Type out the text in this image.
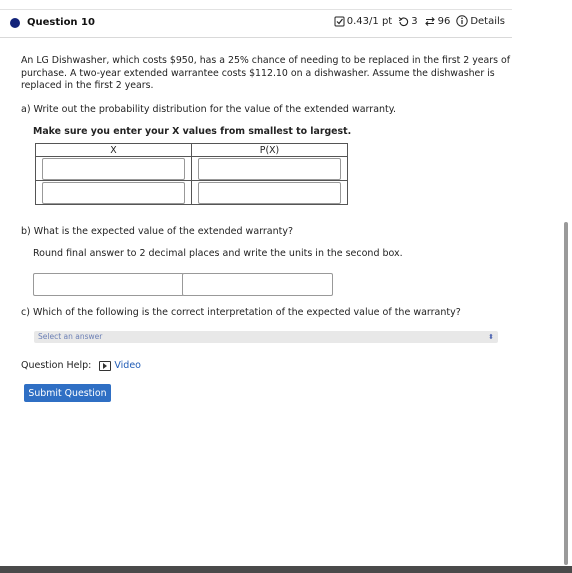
Question 10	0.43/1 pt 3 96 Details
An LG Dishwasher, which costs $950, has a 25% chance of needing to be replaced in the first 2 years of purchase. A two-year extended warrantee costs $112.10 on a dishwasher. Assume the dishwasher is replaced in the first 2 years.
a) Write out the probability distribution for the value of the extended warranty.
Make sure you enter your X values from smallest to largest.
X	P(X)

b) What is the expected value of the extended warranty?
Round final answer to 2 decimal places and write the units in the second box.
c) Which of the following is the correct interpretation of the expected value of the warranty?
Select an answer	⬍
Question Help: Video
Submit Question
